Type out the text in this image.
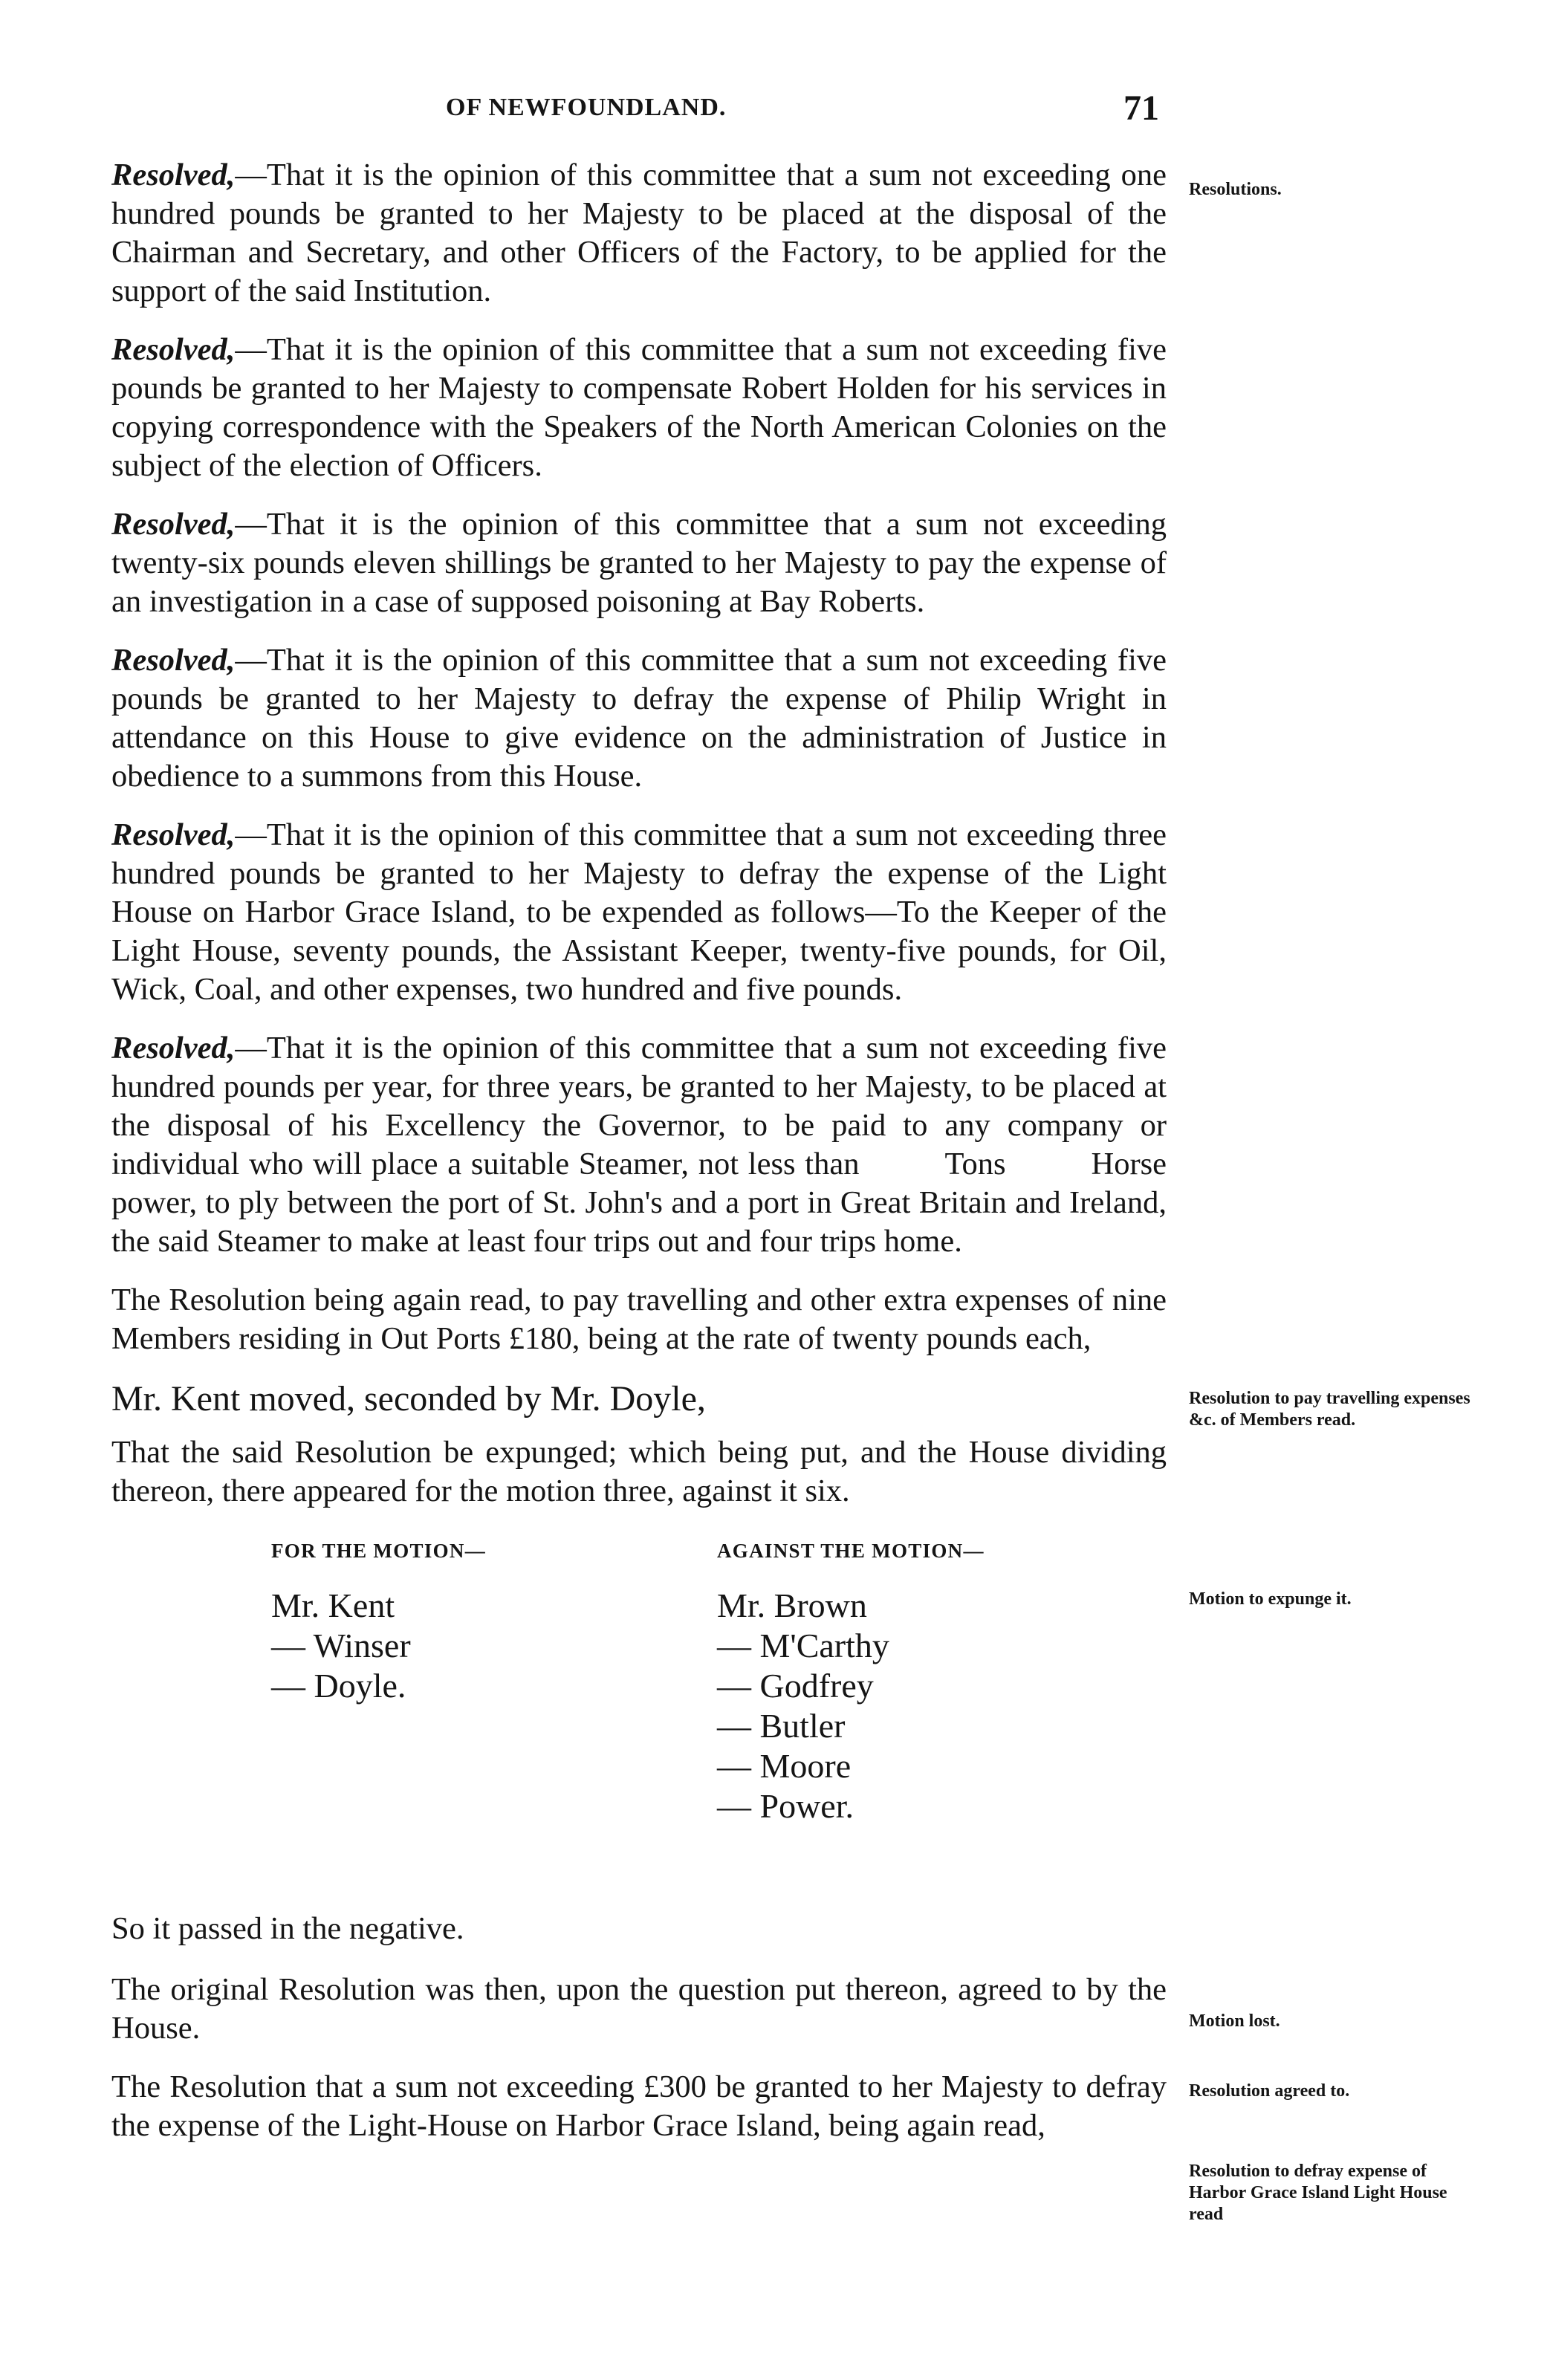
OF NEWFOUNDLAND.	71
Resolutions.
Resolution to pay travelling expenses &c. of Members read.
Motion to expunge it.
Motion lost.
Resolution agreed to.
Resolution to defray expense of Harbor Grace Island Light House read

Resolved,—That it is the opinion of this committee that a sum not exceeding one hundred pounds be granted to her Majesty to be placed at the disposal of the Chairman and Secretary, and other Officers of the Factory, to be applied for the support of the said Institution.

Resolved,—That it is the opinion of this committee that a sum not exceeding five pounds be granted to her Majesty to compensate Robert Holden for his services in copying correspondence with the Speakers of the North American Colonies on the subject of the election of Officers.

Resolved,—That it is the opinion of this committee that a sum not exceeding twenty-six pounds eleven shillings be granted to her Majesty to pay the expense of an investigation in a case of supposed poisoning at Bay Roberts.

Resolved,—That it is the opinion of this committee that a sum not exceeding five pounds be granted to her Majesty to defray the expense of Philip Wright in attendance on this House to give evidence on the administration of Justice in obedience to a summons from this House.

Resolved,—That it is the opinion of this committee that a sum not exceeding three hundred pounds be granted to her Majesty to defray the expense of the Light House on Harbor Grace Island, to be expended as follows—To the Keeper of the Light House, seventy pounds, the Assistant Keeper, twenty-five pounds, for Oil, Wick, Coal, and other expenses, two hundred and five pounds.

Resolved,—That it is the opinion of this committee that a sum not exceeding five hundred pounds per year, for three years, be granted to her Majesty, to be placed at the disposal of his Excellency the Governor, to be paid to any company or individual who will place a suitable Steamer, not less than	Tons	Horse power, to ply between the port of St. John's and a port in Great Britain and Ireland, the said Steamer to make at least four trips out and four trips home.

The Resolution being again read, to pay travelling and other extra expenses of nine Members residing in Out Ports £180, being at the rate of twenty pounds each,

Mr. Kent moved, seconded by Mr. Doyle,

That the said Resolution be expunged; which being put, and the House dividing thereon, there appeared for the motion three, against it six.

FOR THE MOTION—
Mr. Kent
— Winser
— Doyle.
AGAINST THE MOTION—
Mr. Brown
— M'Carthy
— Godfrey
— Butler
— Moore
— Power.

So it passed in the negative.

The original Resolution was then, upon the question put thereon, agreed to by the House.

The Resolution that a sum not exceeding £300 be granted to her Majesty to defray the expense of the Light-House on Harbor Grace Island, being again read,
